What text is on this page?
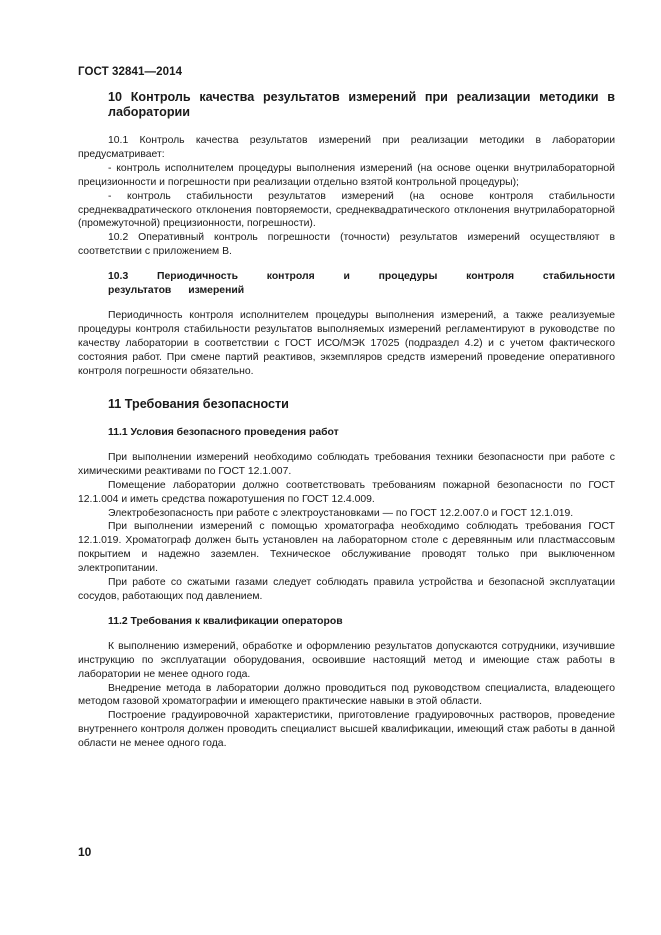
ГОСТ 32841—2014
10 Контроль качества результатов измерений при реализации методики в лаборатории

10.1 Контроль качества результатов измерений при реализации методики в лаборатории предусматривает:

- контроль исполнителем процедуры выполнения измерений (на основе оценки внутрилабораторной прецизионности и погрешности при реализации отдельно взятой контрольной процедуры);

- контроль стабильности результатов измерений (на основе контроля стабильности среднеквадратического отклонения повторяемости, среднеквадратического отклонения внутрилабораторной (промежуточной) прецизионности, погрешности).

10.2 Оперативный контроль погрешности (точности) результатов измерений осуществляют в соответствии с приложением В.

10.3 Периодичность контроля и процедуры контроля стабильности результатов измерений

Периодичность контроля исполнителем процедуры выполнения измерений, а также реализуемые процедуры контроля стабильности результатов выполняемых измерений регламентируют в руководстве по качеству лаборатории в соответствии с ГОСТ ИСО/МЭК 17025 (подраздел 4.2) и с учетом фактического состояния работ. При смене партий реактивов, экземпляров средств измерений проведение оперативного контроля погрешности обязательно.

11 Требования безопасности
11.1 Условия безопасного проведения работ

При выполнении измерений необходимо соблюдать требования техники безопасности при работе с химическими реактивами по ГОСТ 12.1.007.

Помещение лаборатории должно соответствовать требованиям пожарной безопасности по ГОСТ 12.1.004 и иметь средства пожаротушения по ГОСТ 12.4.009.

Электробезопасность при работе с электроустановками — по ГОСТ 12.2.007.0 и ГОСТ 12.1.019.

При выполнении измерений с помощью хроматографа необходимо соблюдать требования ГОСТ 12.1.019. Хроматограф должен быть установлен на лабораторном столе с деревянным или пластмассовым покрытием и надежно заземлен. Техническое обслуживание проводят только при выключенном электропитании.

При работе со сжатыми газами следует соблюдать правила устройства и безопасной эксплуатации сосудов, работающих под давлением.

11.2 Требования к квалификации операторов

К выполнению измерений, обработке и оформлению результатов допускаются сотрудники, изучившие инструкцию по эксплуатации оборудования, освоившие настоящий метод и имеющие стаж работы в лаборатории не менее одного года.

Внедрение метода в лаборатории должно проводиться под руководством специалиста, владеющего методом газовой хроматографии и имеющего практические навыки в этой области.

Построение градуировочной характеристики, приготовление градуировочных растворов, проведение внутреннего контроля должен проводить специалист высшей квалификации, имеющий стаж работы в данной области не менее одного года.

10
